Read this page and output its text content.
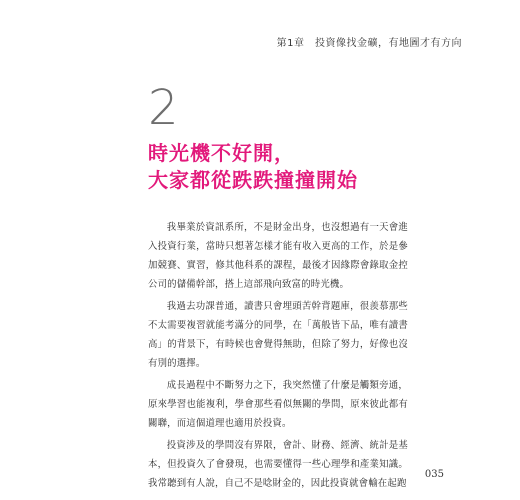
第1章　投資像找金礦，有地圖才有方向
2
時光機不好開，
大家都從跌跌撞撞開始

我畢業於資訊系所，不是財金出身，也沒想過有一天會進入投資行業，當時只想著怎樣才能有收入更高的工作，於是參加競賽、實習，修其他科系的課程，最後才因緣際會錄取金控公司的儲備幹部，搭上這部飛向致富的時光機。

我過去功課普通，讀書只會埋頭苦幹背題庫，很羨慕那些不太需要複習就能考滿分的同學，在「萬般皆下品，唯有讀書高」的背景下，有時候也會覺得無助，但除了努力，好像也沒有別的選擇。

成長過程中不斷努力之下，我突然懂了什麼是觸類旁通，原來學習也能複利，學會那些看似無關的學問，原來彼此都有關聯，而這個道理也適用於投資。

投資涉及的學問沒有界限，會計、財務、經濟、統計是基本，但投資久了會發現，也需要懂得一些心理學和產業知識。我常聽到有人說，自己不是唸財金的，因此投資就會輸在起跑

035
